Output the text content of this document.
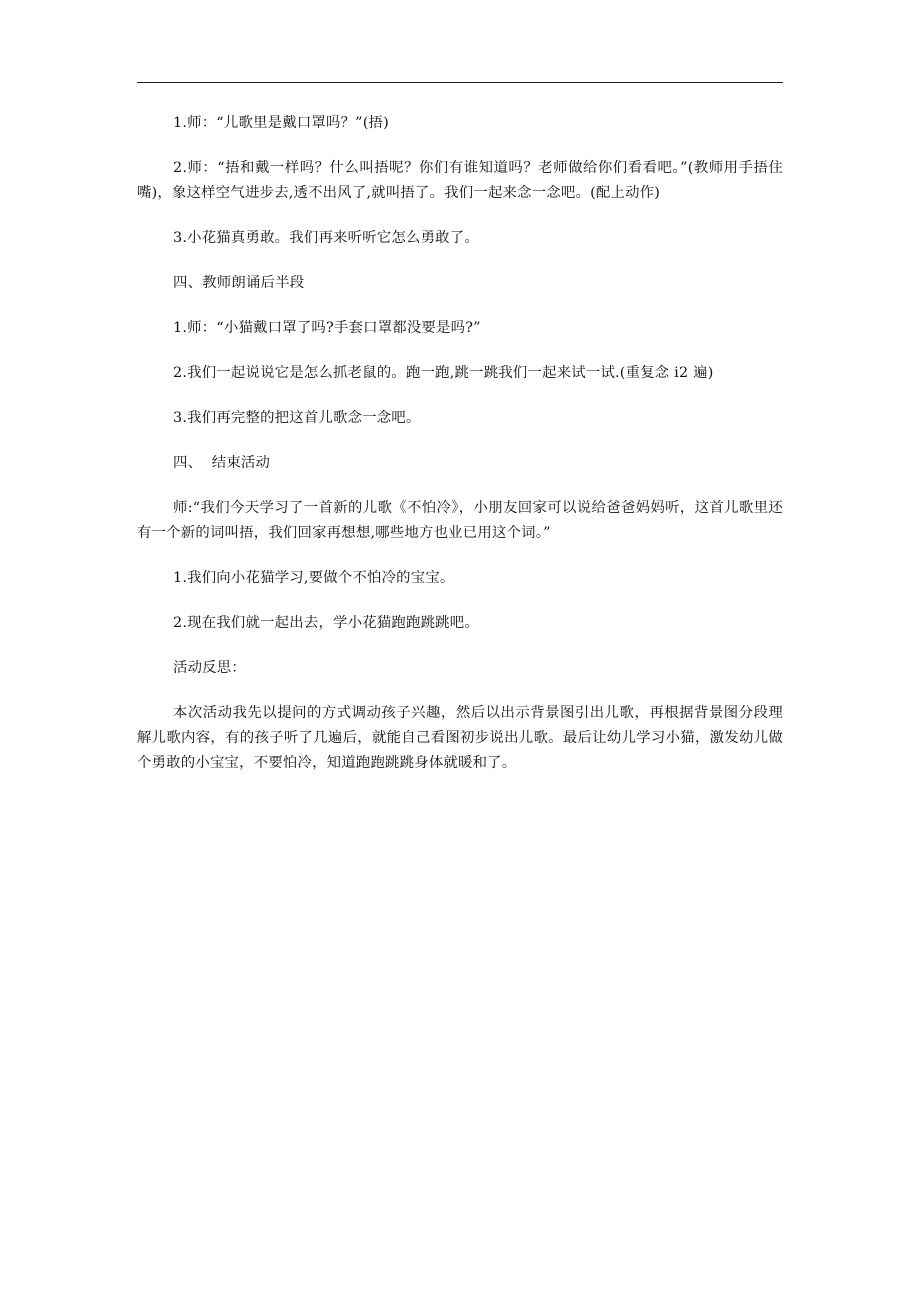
1.师：“儿歌里是戴口罩吗？”(捂)

2.师：“捂和戴一样吗？什么叫捂呢？你们有谁知道吗？老师做给你们看看吧。”(教师用手捂住嘴)，象这样空气进步去,透不出风了,就叫捂了。我们一起来念一念吧。(配上动作)

3.小花猫真勇敢。我们再来听听它怎么勇敢了。

四、教师朗诵后半段

1.师：“小猫戴口罩了吗?手套口罩都没要是吗?”

2.我们一起说说它是怎么抓老鼠的。跑一跑,跳一跳我们一起来试一试.(重复念 i2 遍)

3.我们再完整的把这首儿歌念一念吧。

四、  结束活动

师:“我们今天学习了一首新的儿歌《不怕冷》，小朋友回家可以说给爸爸妈妈听，这首儿歌里还有一个新的词叫捂，我们回家再想想,哪些地方也业已用这个词。”

1.我们向小花猫学习,要做个不怕冷的宝宝。

2.现在我们就一起出去，学小花猫跑跑跳跳吧。

活动反思：

本次活动我先以提问的方式调动孩子兴趣，然后以出示背景图引出儿歌，再根据背景图分段理解儿歌内容，有的孩子听了几遍后，就能自己看图初步说出儿歌。最后让幼儿学习小猫，激发幼儿做个勇敢的小宝宝，不要怕冷，知道跑跑跳跳身体就暖和了。
